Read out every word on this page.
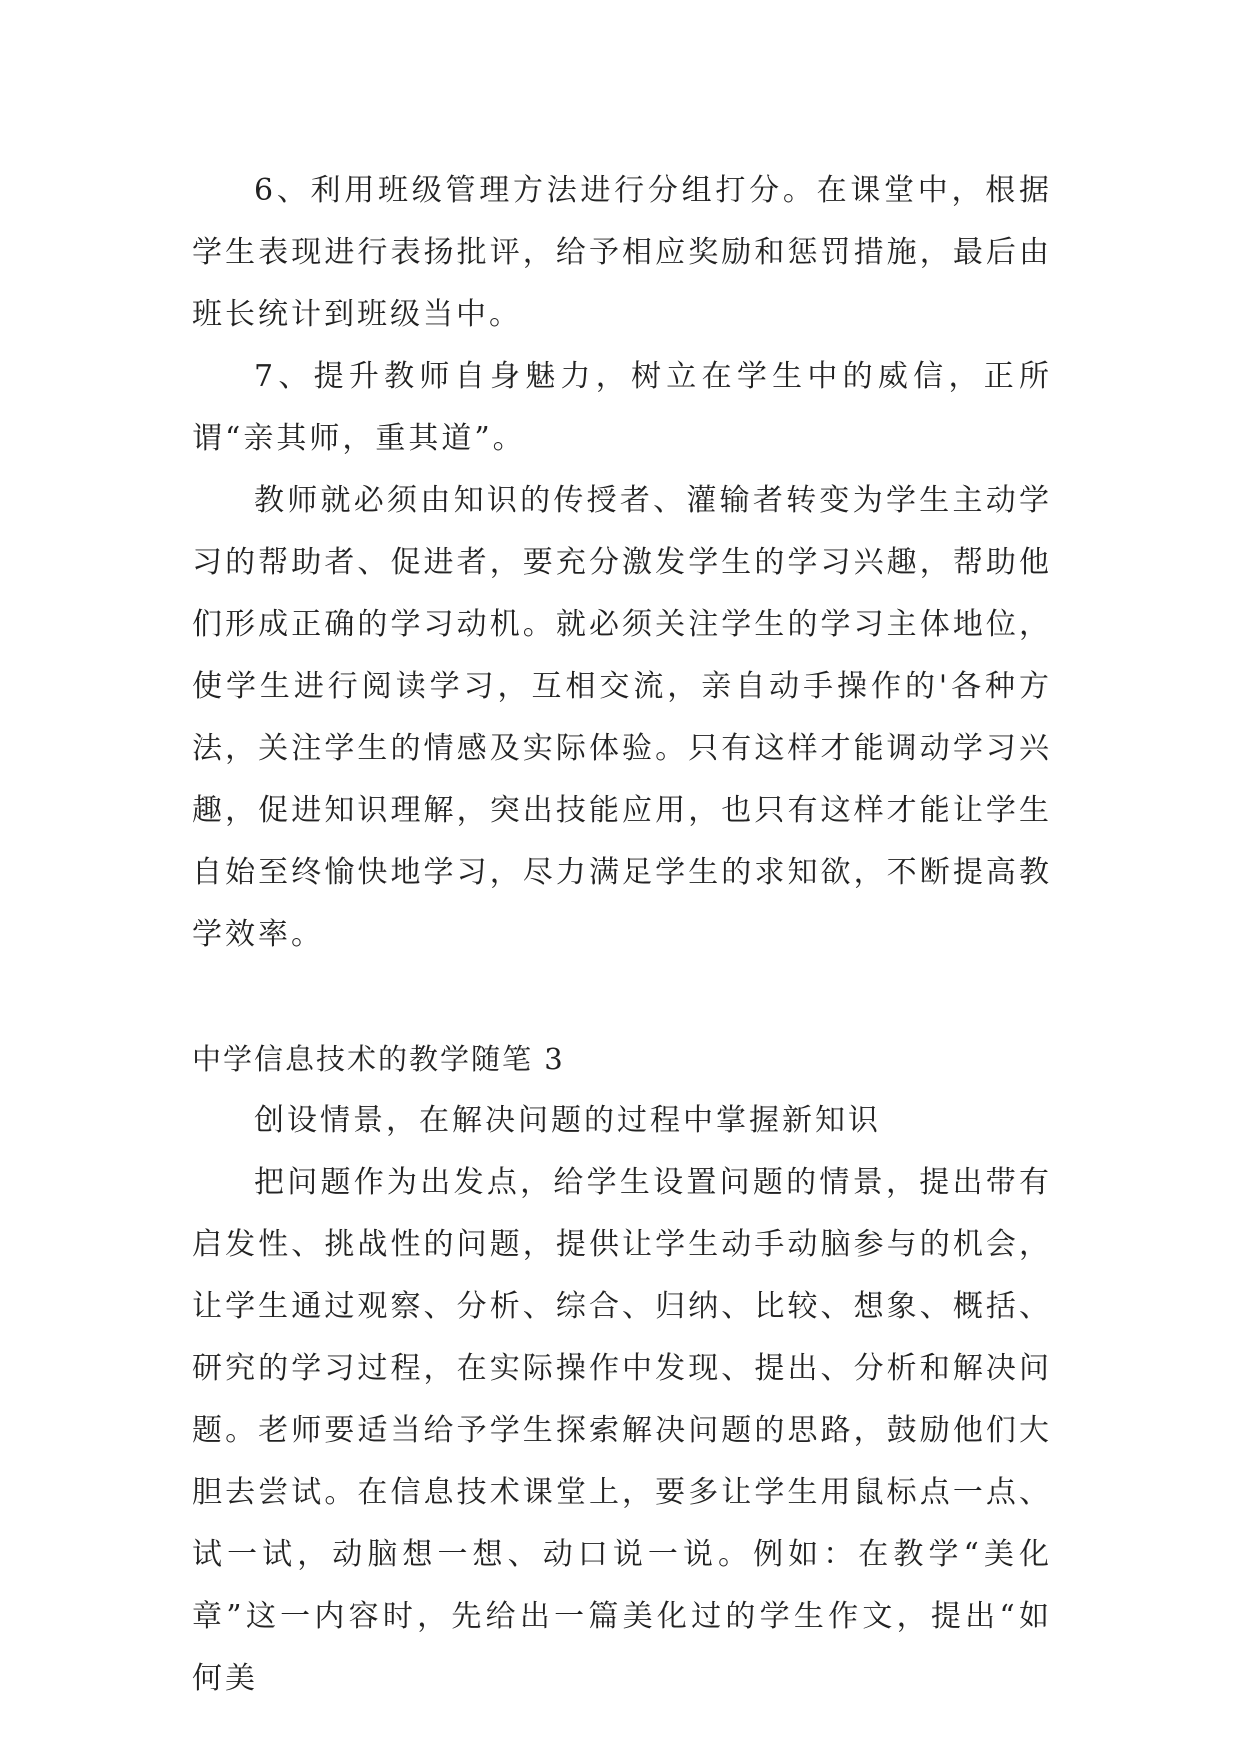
6、利用班级管理方法进行分组打分。在课堂中，根据学生表现进行表扬批评，给予相应奖励和惩罚措施，最后由班长统计到班级当中。

7、提升教师自身魅力，树立在学生中的威信，正所谓“亲其师，重其道”。

教师就必须由知识的传授者、灌输者转变为学生主动学习的帮助者、促进者，要充分激发学生的学习兴趣，帮助他们形成正确的学习动机。就必须关注学生的学习主体地位，使学生进行阅读学习，互相交流，亲自动手操作的'各种方法，关注学生的情感及实际体验。只有这样才能调动学习兴趣，促进知识理解，突出技能应用，也只有这样才能让学生自始至终愉快地学习，尽力满足学生的求知欲，不断提高教学效率。

中学信息技术的教学随笔 3

创设情景，在解决问题的过程中掌握新知识

把问题作为出发点，给学生设置问题的情景，提出带有启发性、挑战性的问题，提供让学生动手动脑参与的机会，让学生通过观察、分析、综合、归纳、比较、想象、概括、研究的学习过程，在实际操作中发现、提出、分析和解决问题。老师要适当给予学生探索解决问题的思路，鼓励他们大胆去尝试。在信息技术课堂上，要多让学生用鼠标点一点、试一试，动脑想一想、动口说一说。例如：在教学“美化章”这一内容时，先给出一篇美化过的学生作文，提出“如何美
